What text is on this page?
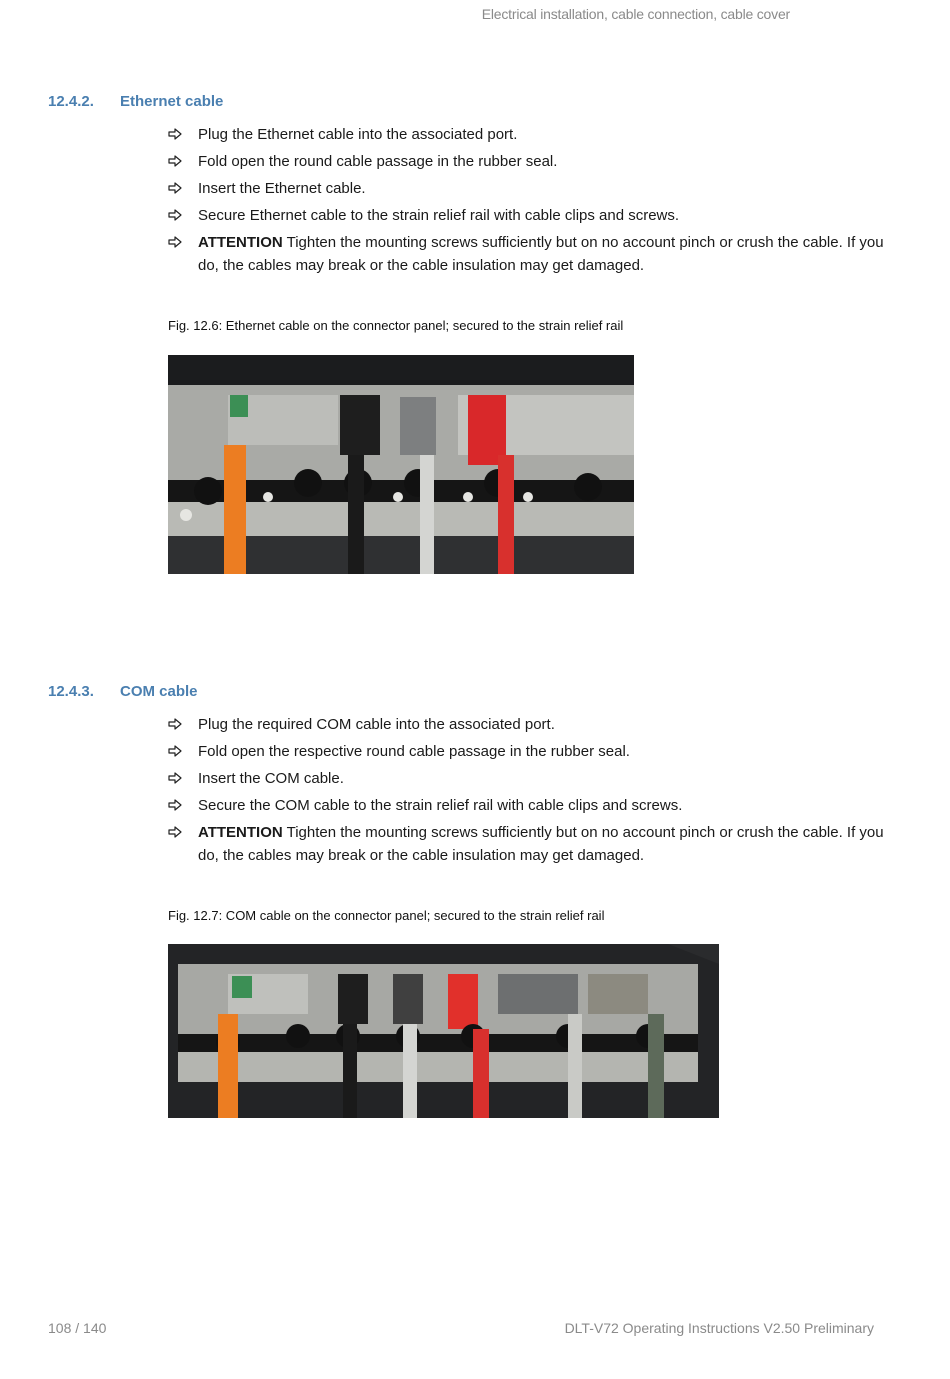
Electrical installation, cable connection, cable cover
12.4.2. Ethernet cable
Plug the Ethernet cable into the associated port.
Fold open the round cable passage in the rubber seal.
Insert the Ethernet cable.
Secure Ethernet cable to the strain relief rail with cable clips and screws.
ATTENTION Tighten the mounting screws sufficiently but on no account pinch or crush the cable. If you do, the cables may break or the cable insulation may get damaged.
Fig. 12.6: Ethernet cable on the connector panel; secured to the strain relief rail
12.4.3. COM cable
Plug the required COM cable into the associated port.
Fold open the respective round cable passage in the rubber seal.
Insert the COM cable.
Secure the COM cable to the strain relief rail with cable clips and screws.
ATTENTION Tighten the mounting screws sufficiently but on no account pinch or crush the cable. If you do, the cables may break or the cable insulation may get damaged.
Fig. 12.7: COM cable on the connector panel; secured to the strain relief rail
108 / 140	DLT-V72 Operating Instructions V2.50 Preliminary
